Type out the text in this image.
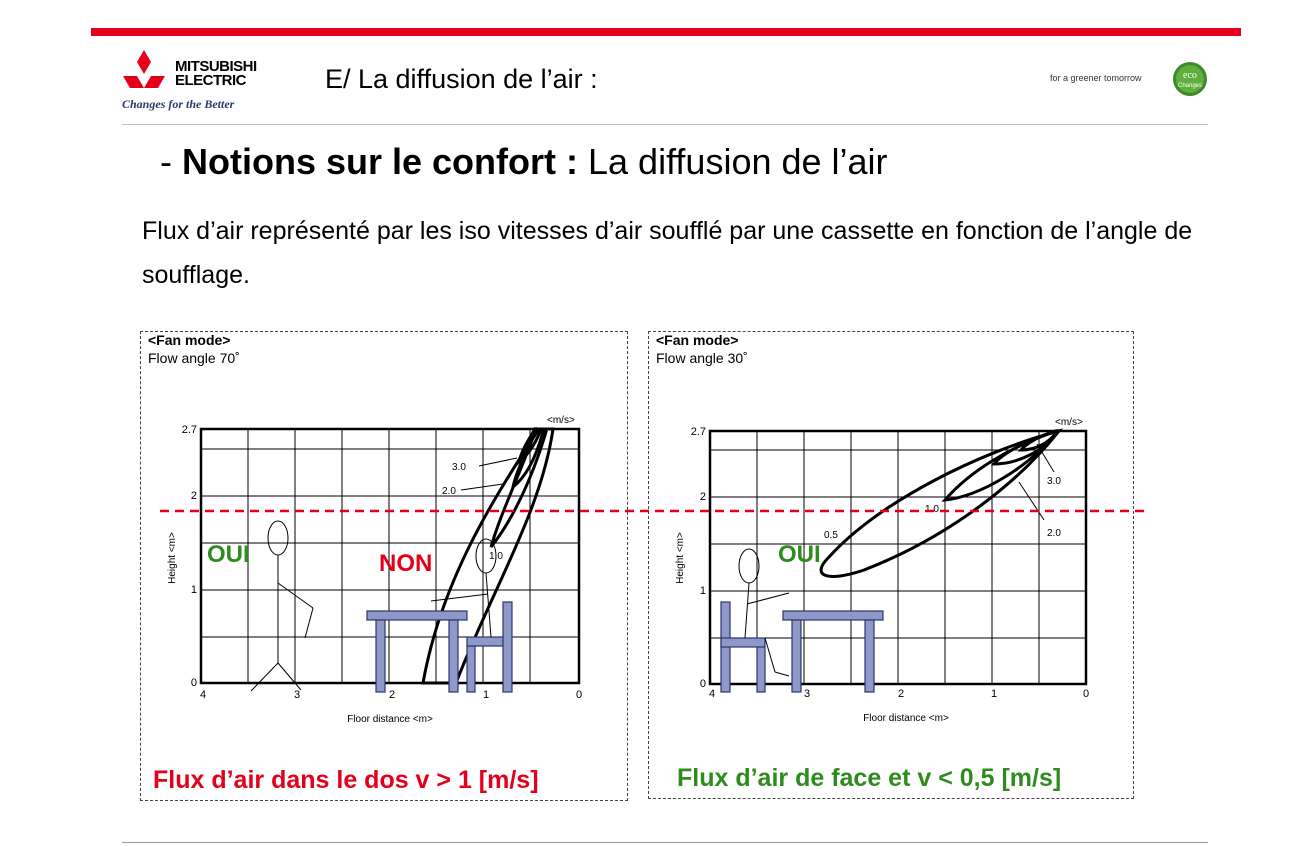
MITSUBISHI
ELECTRIC
Changes for the Better
E/ La diffusion de l’air :	for a greener tomorrow	eco
Changes
- Notions sur le confort : La diffusion de l’air
Flux d’air représenté par les iso vitesses d’air soufflé par une cassette en fonction de l’angle de soufflage.
<Fan mode>
Flow angle 70˚
<m/s>
2.7
2
1
0
4	3	2	1	0
Floor distance <m>
Height <m>
3.0
2.0
1.0
OUI	NON
Flux d’air dans le dos v > 1 [m/s]
<Fan mode>
Flow angle 30˚
<m/s>
2.7
2
1
0
4	3	2	1	0
Floor distance <m>
Height <m>
3.0
2.0
1.0
0.5
OUI
Flux d’air de face et v < 0,5 [m/s]
